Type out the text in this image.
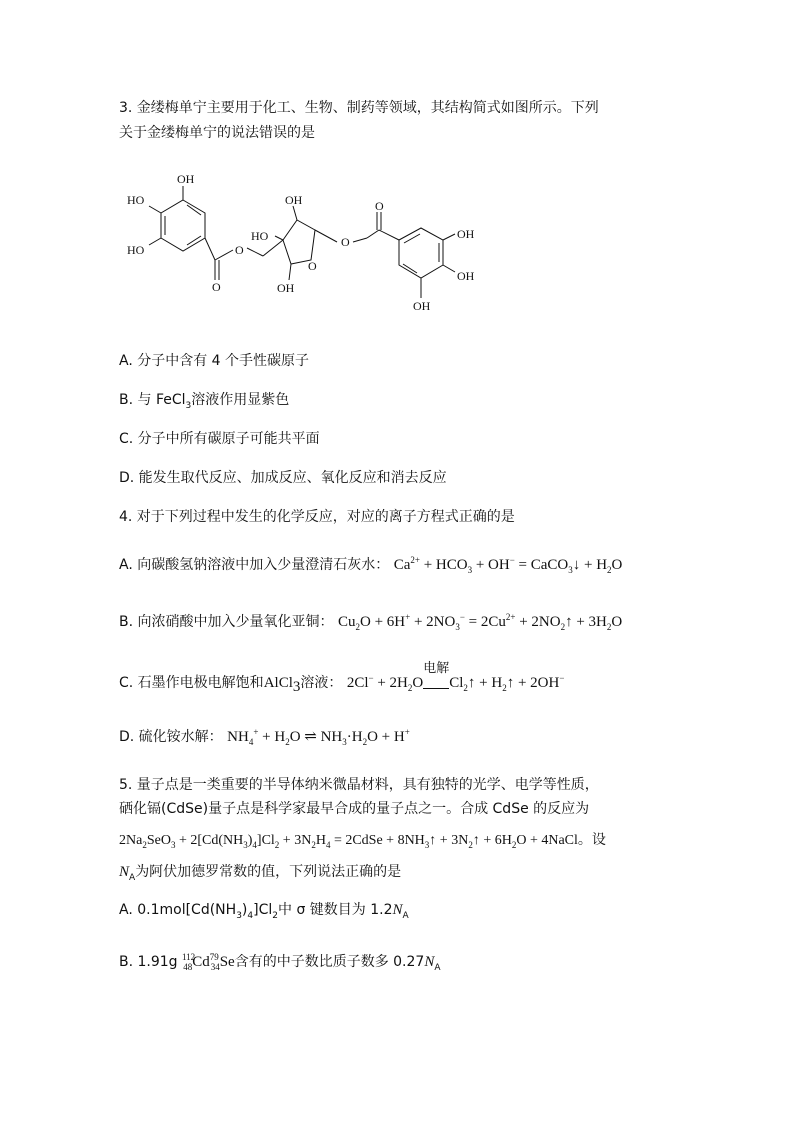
3. 金缕梅单宁主要用于化工、生物、制药等领域，其结构简式如图所示。下列
关于金缕梅单宁的说法错误的是
OH
HO
HO
O
O
HO
OH
O
OH
O
O
OH
OH
OH
A. 分子中含有 4 个手性碳原子
B. 与 FeCl$_3$溶液作用显紫色
C. 分子中所有碳原子可能共平面
D. 能发生取代反应、加成反应、氧化反应和消去反应
4. 对于下列过程中发生的化学反应，对应的离子方程式正确的是
A. 向碳酸氢钠溶液中加入少量澄清石灰水： $Ca^{2+} + HCO_3 + OH^-$ = CaCO$_3$↓ + $H_2O$
B. 向浓硝酸中加入少量氧化亚铜： $Cu_2O + 6H^+ + 2NO_3^- = 2Cu^{2+}$ + $2NO_2↑ + 3H_2O$
C. 石墨作电极电解饱和AlCl$_3$溶液： $2Cl^- + 2H_2O$
电解
$Cl_2↑$ + $H_2↑ + 2OH^-$
D. 硫化铵水解： $NH_4^+ + H_2O$ ⇌ $NH_3\cdot H_2O + H^+$
5. 量子点是一类重要的半导体纳米微晶材料，具有独特的光学、电学等性质，
硒化镉(CdSe)量子点是科学家最早合成的量子点之一。合成 CdSe 的反应为
$2Na_2SeO_3 + 2[Cd(NH_3)_4]Cl_2 + 3N_2H_4$ = 2CdSe + $8NH_3↑$ + $3N_2↑ + 6H_2O$ + 4NaCl。设
$N_A$为阿伏加德罗常数的值，下列说法正确的是
A. $0.1mol[Cd(NH_3)_4]Cl_2$中 σ 键数目为 $1.2N_A$
B. 1.91g $^{112}_{48}Cd^{79}_{34}Se$含有的中子数比质子数多 $0.27N_A$
